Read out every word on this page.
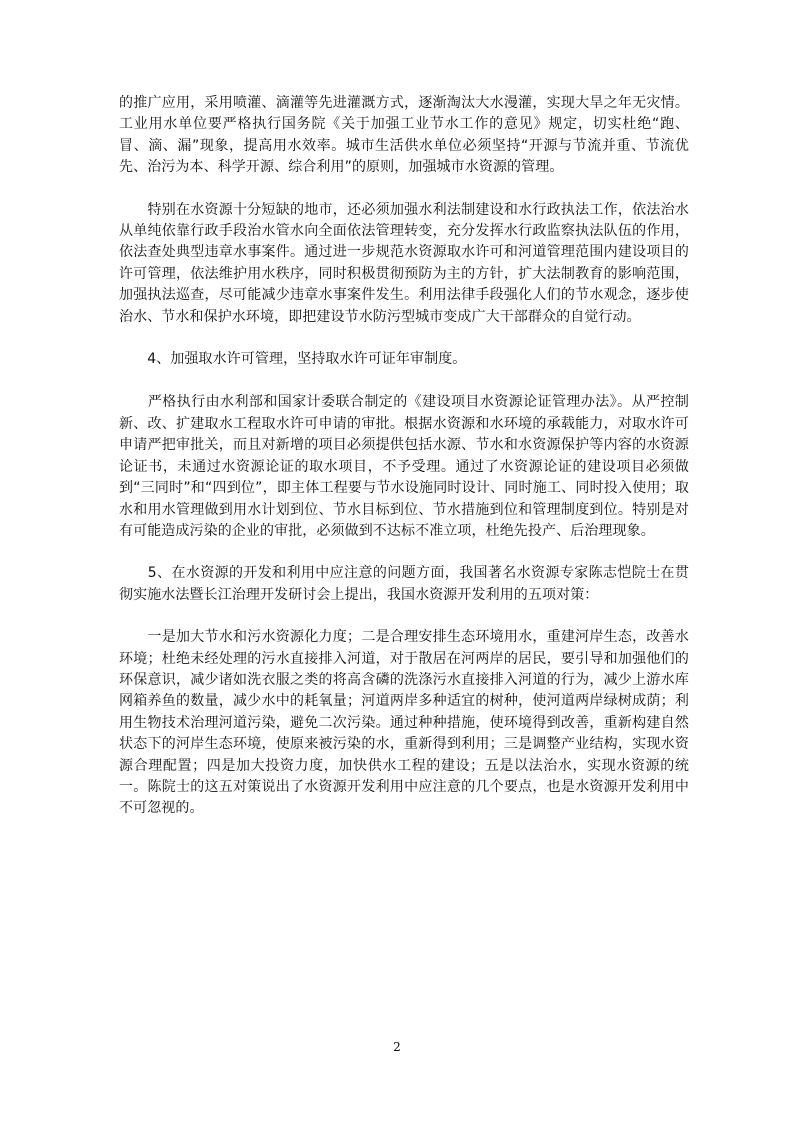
的推广应用，采用喷灌、滴灌等先进灌溉方式，逐渐淘汰大水漫灌，实现大旱之年无灾情。工业用水单位要严格执行国务院《关于加强工业节水工作的意见》规定，切实杜绝“跑、冒、滴、漏”现象，提高用水效率。城市生活供水单位必须坚持“开源与节流并重、节流优先、治污为本、科学开源、综合利用”的原则，加强城市水资源的管理。

　　特别在水资源十分短缺的地市，还必须加强水利法制建设和水行政执法工作，依法治水从单纯依靠行政手段治水管水向全面依法管理转变，充分发挥水行政监察执法队伍的作用，依法查处典型违章水事案件。通过进一步规范水资源取水许可和河道管理范围内建设项目的许可管理，依法维护用水秩序，同时积极贯彻预防为主的方针，扩大法制教育的影响范围，加强执法巡查，尽可能减少违章水事案件发生。利用法律手段强化人们的节水观念，逐步使治水、节水和保护水环境，即把建设节水防污型城市变成广大干部群众的自觉行动。

　　4、加强取水许可管理，坚持取水许可证年审制度。

　　严格执行由水利部和国家计委联合制定的《建设项目水资源论证管理办法》。从严控制新、改、扩建取水工程取水许可申请的审批。根据水资源和水环境的承载能力，对取水许可申请严把审批关，而且对新增的项目必须提供包括水源、节水和水资源保护等内容的水资源论证书，未通过水资源论证的取水项目，不予受理。通过了水资源论证的建设项目必须做到“三同时”和“四到位”，即主体工程要与节水设施同时设计、同时施工、同时投入使用；取水和用水管理做到用水计划到位、节水目标到位、节水措施到位和管理制度到位。特别是对有可能造成污染的企业的审批，必须做到不达标不准立项，杜绝先投产、后治理现象。

　　5、在水资源的开发和利用中应注意的问题方面，我国著名水资源专家陈志恺院士在贯彻实施水法暨长江治理开发研讨会上提出，我国水资源开发利用的五项对策：

　　一是加大节水和污水资源化力度；二是合理安排生态环境用水，重建河岸生态，改善水环境；杜绝未经处理的污水直接排入河道，对于散居在河两岸的居民，要引导和加强他们的环保意识，减少诸如洗衣服之类的将高含磷的洗涤污水直接排入河道的行为，减少上游水库网箱养鱼的数量，减少水中的耗氧量；河道两岸多种适宜的树种，使河道两岸绿树成荫；利用生物技术治理河道污染，避免二次污染。通过种种措施，使环境得到改善，重新构建自然状态下的河岸生态环境，使原来被污染的水，重新得到利用；三是调整产业结构，实现水资源合理配置；四是加大投资力度，加快供水工程的建设；五是以法治水，实现水资源的统一。陈院士的这五对策说出了水资源开发利用中应注意的几个要点，也是水资源开发利用中不可忽视的。

2
